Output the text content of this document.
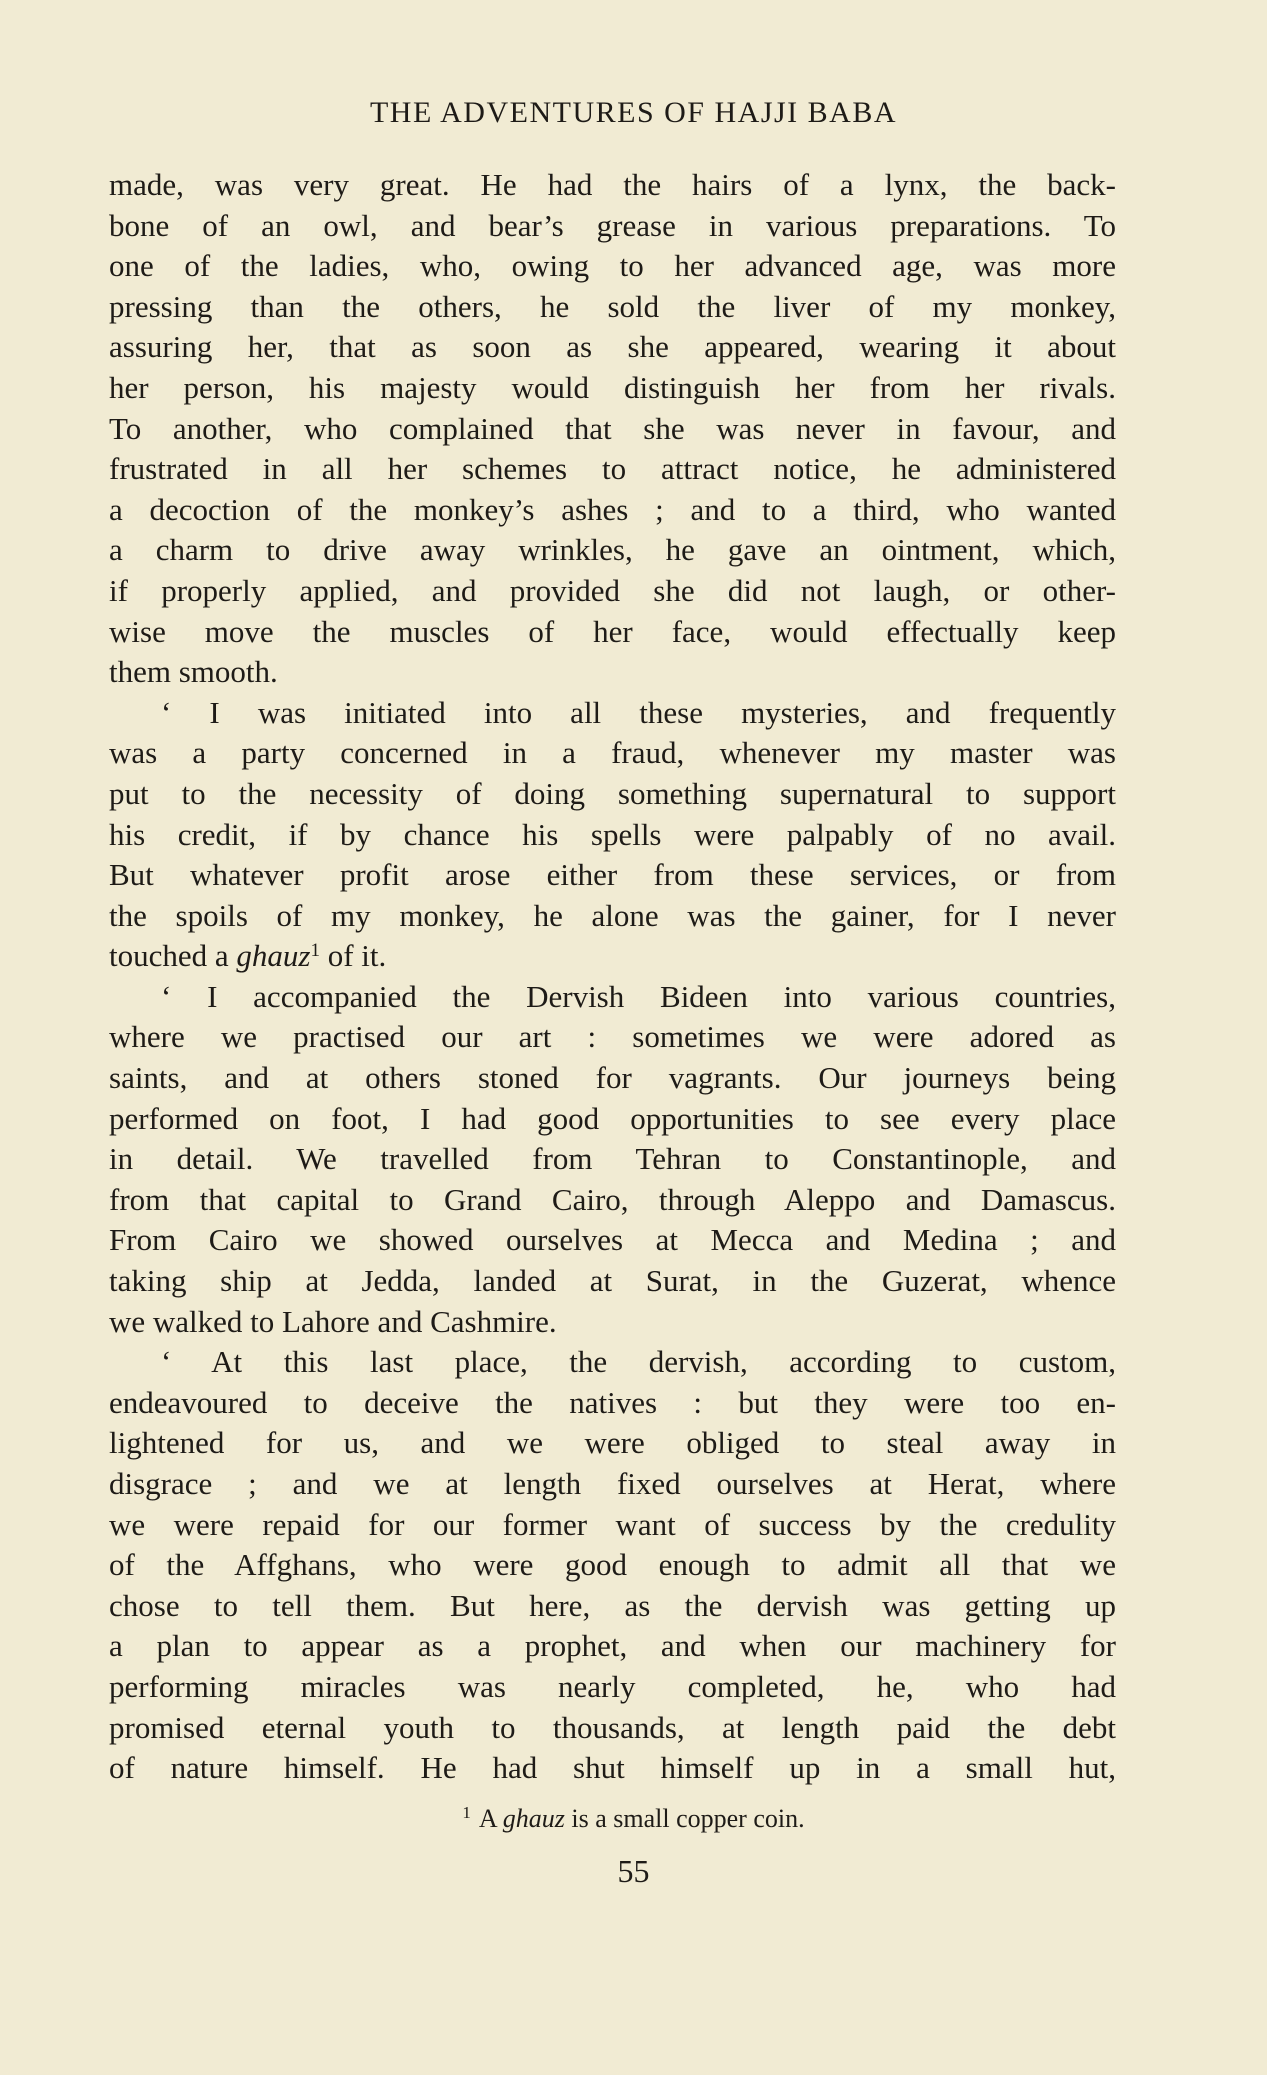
THE ADVENTURES OF HAJJI BABA
made, was very great. He had the hairs of a lynx, the back-
bone of an owl, and bear’s grease in various preparations. To
one of the ladies, who, owing to her advanced age, was more
pressing than the others, he sold the liver of my monkey,
assuring her, that as soon as she appeared, wearing it about
her person, his majesty would distinguish her from her rivals.
To another, who complained that she was never in favour, and
frustrated in all her schemes to attract notice, he administered
a decoction of the monkey’s ashes ; and to a third, who wanted
a charm to drive away wrinkles, he gave an ointment, which,
if properly applied, and provided she did not laugh, or other-
wise move the muscles of her face, would effectually keep
them smooth.
‘ I was initiated into all these mysteries, and frequently
was a party concerned in a fraud, whenever my master was
put to the necessity of doing something supernatural to support
his credit, if by chance his spells were palpably of no avail.
But whatever profit arose either from these services, or from
the spoils of my monkey, he alone was the gainer, for I never
touched a ghauz$^1$ of it.
‘ I accompanied the Dervish Bideen into various countries,
where we practised our art : sometimes we were adored as
saints, and at others stoned for vagrants. Our journeys being
performed on foot, I had good opportunities to see every place
in detail. We travelled from Tehran to Constantinople, and
from that capital to Grand Cairo, through Aleppo and Damascus.
From Cairo we showed ourselves at Mecca and Medina ; and
taking ship at Jedda, landed at Surat, in the Guzerat, whence
we walked to Lahore and Cashmire.
‘ At this last place, the dervish, according to custom,
endeavoured to deceive the natives : but they were too en-
lightened for us, and we were obliged to steal away in
disgrace ; and we at length fixed ourselves at Herat, where
we were repaid for our former want of success by the credulity
of the Affghans, who were good enough to admit all that we
chose to tell them. But here, as the dervish was getting up
a plan to appear as a prophet, and when our machinery for
performing miracles was nearly completed, he, who had
promised eternal youth to thousands, at length paid the debt
of nature himself. He had shut himself up in a small hut,
$^1$ A ghauz is a small copper coin.
55
